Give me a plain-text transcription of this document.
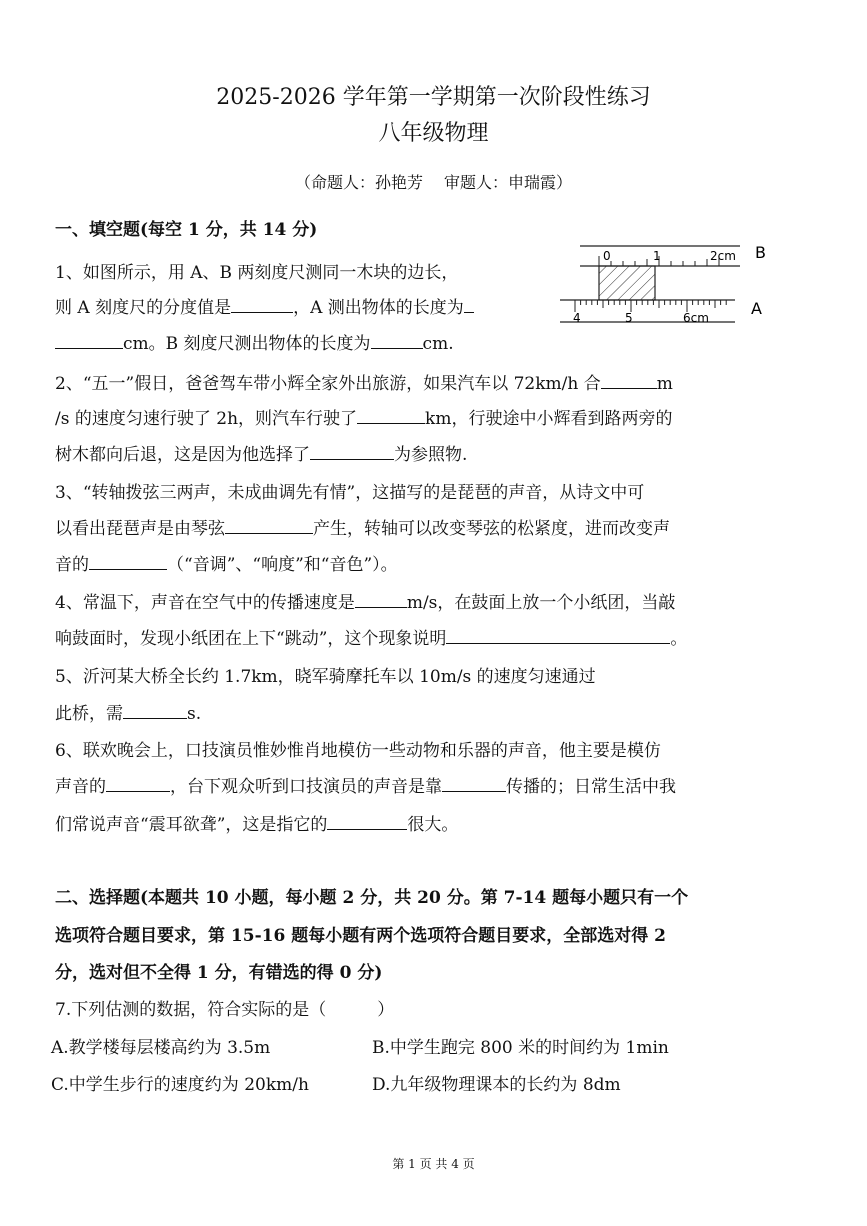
2025-2026 学年第一学期第一次阶段性练习
八年级物理
（命题人：孙艳芳　 审题人：申瑞霞）
一、填空题(每空 1 分，共 14 分)
1、如图所示，用 A、B 两刻度尺测同一木块的边长，
则 A 刻度尺的分度值是	，A 测出物体的长度为
cm。B 刻度尺测出物体的长度为	cm.
0	1	2cm B
4	5	6cm	A
2、“五一”假日，爸爸驾车带小辉全家外出旅游，如果汽车以 72km/h 合	m
/s 的速度匀速行驶了 2h，则汽车行驶了	km，行驶途中小辉看到路两旁的
树木都向后退，这是因为他选择了	为参照物.
3、“转轴拨弦三两声，未成曲调先有情”，这描写的是琵琶的声音，从诗文中可
以看出琵琶声是由琴弦	产生，转轴可以改变琴弦的松紧度，进而改变声
音的	（“音调”、“响度”和“音色”）。
4、常温下，声音在空气中的传播速度是	m/s，在鼓面上放一个小纸团，当敲
响鼓面时，发现小纸团在上下“跳动”，这个现象说明	。
5、沂河某大桥全长约 1.7km，晓军骑摩托车以 10m/s 的速度匀速通过
此桥，需	s.
6、联欢晚会上，口技演员惟妙惟肖地模仿一些动物和乐器的声音，他主要是模仿
声音的	，台下观众听到口技演员的声音是靠	传播的；日常生活中我
们常说声音“震耳欲聋”，这是指它的	很大。
二、选择题(本题共 10 小题，每小题 2 分，共 20 分。第 7-14 题每小题只有一个
选项符合题目要求，第 15-16 题每小题有两个选项符合题目要求，全部选对得 2
分，选对但不全得 1 分，有错选的得 0 分)
7.下列估测的数据，符合实际的是（　　　）
A.教学楼每层楼高约为 3.5m	B.中学生跑完 800 米的时间约为 1min
C.中学生步行的速度约为 20km/h	D.九年级物理课本的长约为 8dm
第 1 页 共 4 页
